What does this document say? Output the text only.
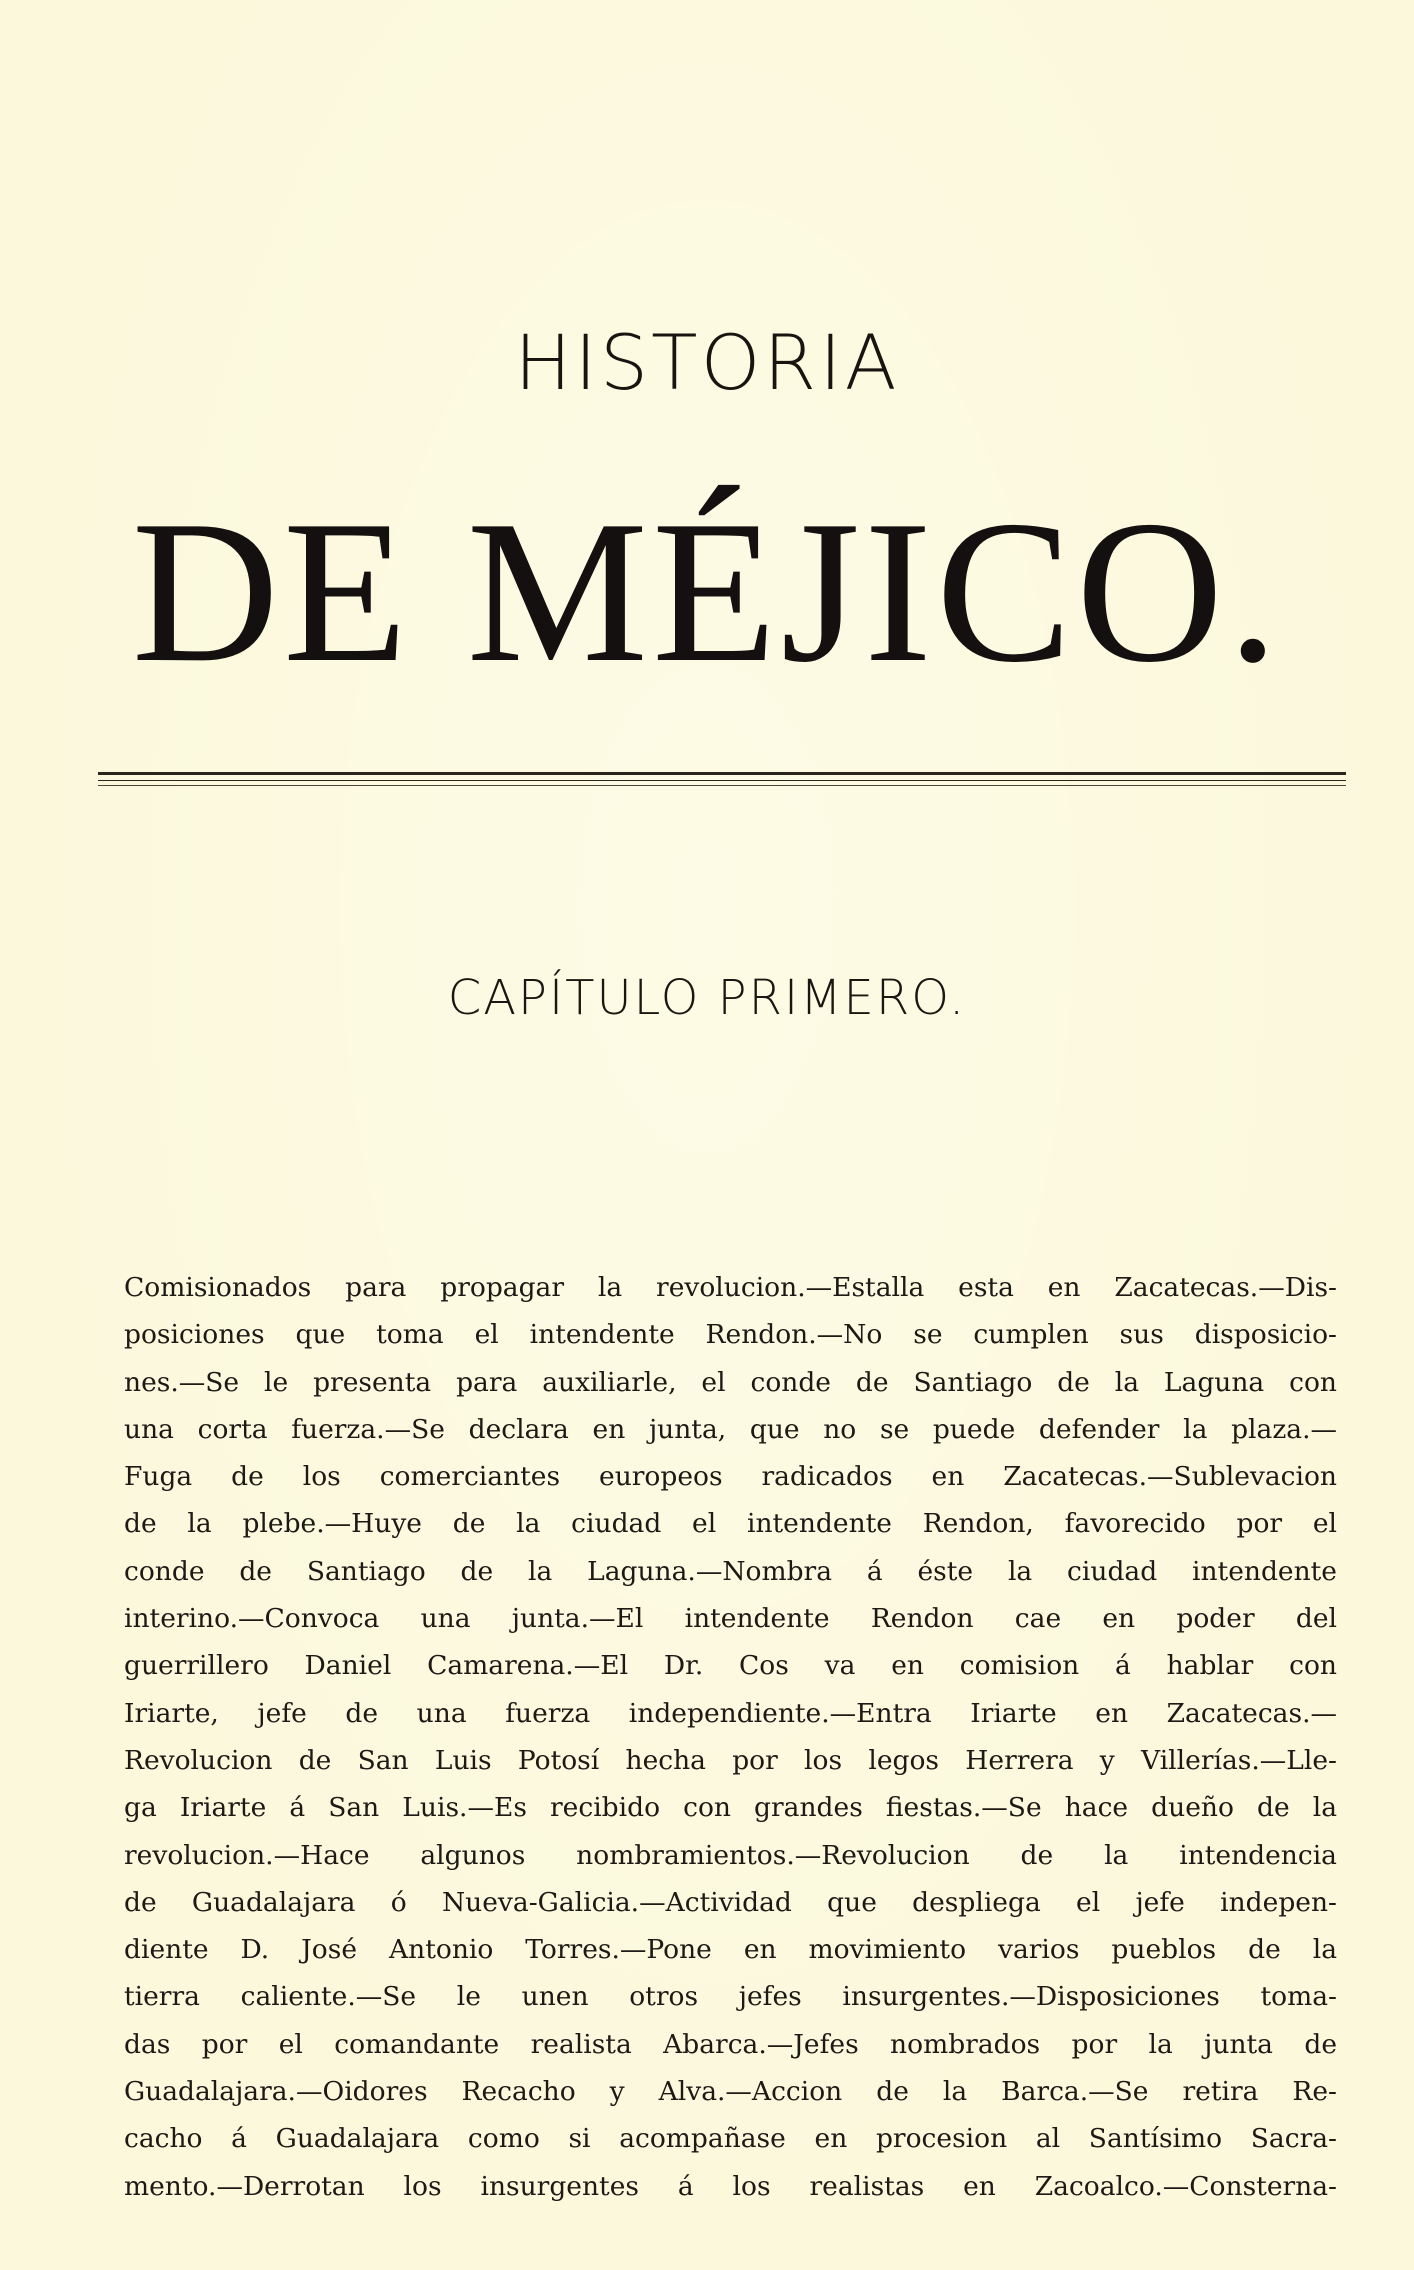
HISTORIA
DE MÉJICO.
CAPÍTULO PRIMERO.
Comisionados para propagar la revolucion.—Estalla esta en Zacatecas.—Dis-
posiciones que toma el intendente Rendon.—No se cumplen sus disposicio-
nes.—Se le presenta para auxiliarle, el conde de Santiago de la Laguna con
una corta fuerza.—Se declara en junta, que no se puede defender la plaza.—
Fuga de los comerciantes europeos radicados en Zacatecas.—Sublevacion
de la plebe.—Huye de la ciudad el intendente Rendon, favorecido por el
conde de Santiago de la Laguna.—Nombra á éste la ciudad intendente
interino.—Convoca una junta.—El intendente Rendon cae en poder del
guerrillero Daniel Camarena.—El Dr. Cos va en comision á hablar con
Iriarte, jefe de una fuerza independiente.—Entra Iriarte en Zacatecas.—
Revolucion de San Luis Potosí hecha por los legos Herrera y Villerías.—Lle-
ga Iriarte á San Luis.—Es recibido con grandes fiestas.—Se hace dueño de la
revolucion.—Hace algunos nombramientos.—Revolucion de la intendencia
de Guadalajara ó Nueva-Galicia.—Actividad que despliega el jefe indepen-
diente D. José Antonio Torres.—Pone en movimiento varios pueblos de la
tierra caliente.—Se le unen otros jefes insurgentes.—Disposiciones toma-
das por el comandante realista Abarca.—Jefes nombrados por la junta de
Guadalajara.—Oidores Recacho y Alva.—Accion de la Barca.—Se retira Re-
cacho á Guadalajara como si acompañase en procesion al Santísimo Sacra-
mento.—Derrotan los insurgentes á los realistas en Zacoalco.—Consterna-
